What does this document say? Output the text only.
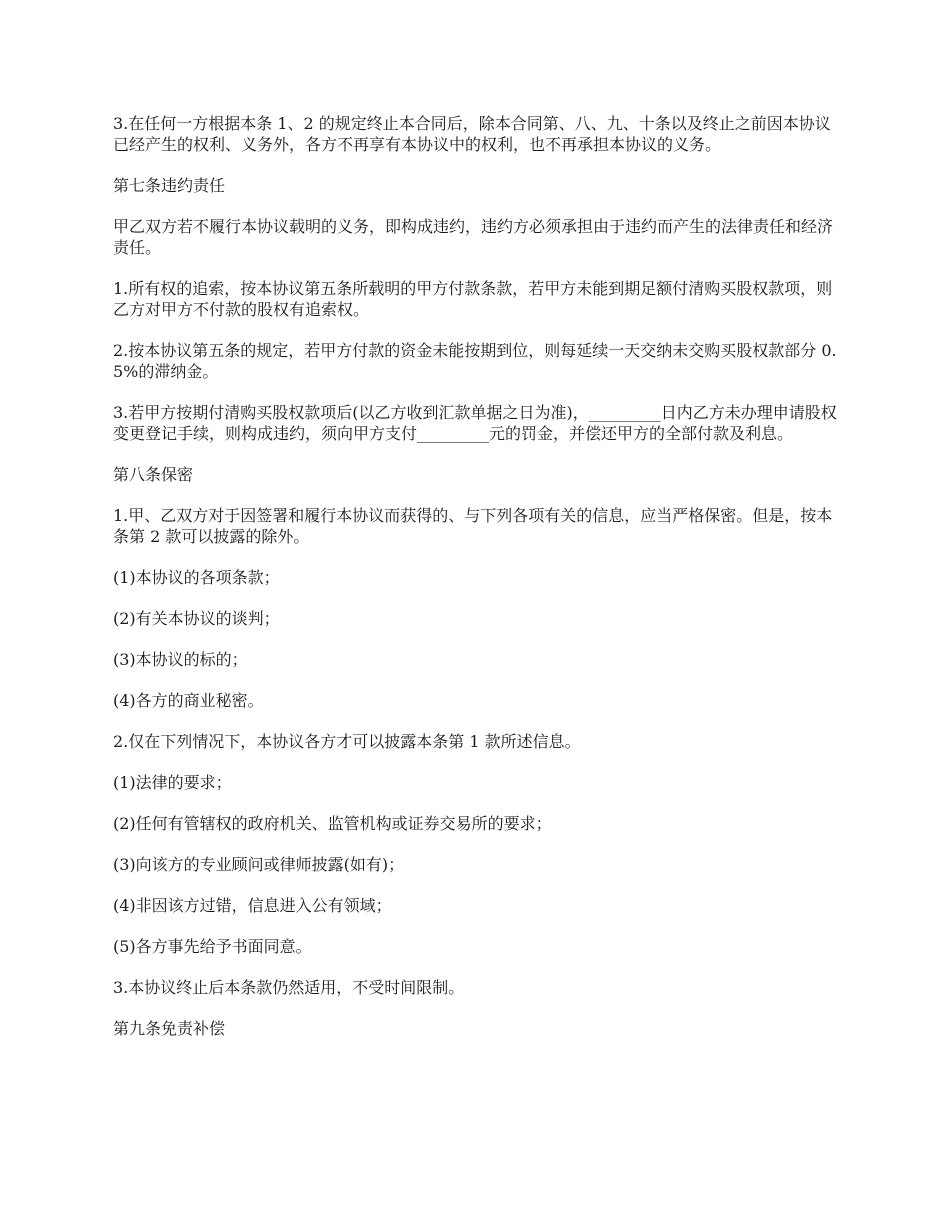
3.在任何一方根据本条 1、2 的规定终止本合同后，除本合同第、八、九、十条以及终止之前因本协议已经产生的权利、义务外，各方不再享有本协议中的权利，也不再承担本协议的义务。

第七条违约责任

甲乙双方若不履行本协议载明的义务，即构成违约，违约方必须承担由于违约而产生的法律责任和经济责任。

1.所有权的追索，按本协议第五条所载明的甲方付款条款，若甲方未能到期足额付清购买股权款项，则乙方对甲方不付款的股权有追索权。

2.按本协议第五条的规定，若甲方付款的资金未能按期到位，则每延续一天交纳未交购买股权款部分 0.5%的滞纳金。

3.若甲方按期付清购买股权款项后(以乙方收到汇款单据之日为准)，_________日内乙方未办理申请股权变更登记手续，则构成违约，须向甲方支付_________元的罚金，并偿还甲方的全部付款及利息。

第八条保密

1.甲、乙双方对于因签署和履行本协议而获得的、与下列各项有关的信息，应当严格保密。但是，按本条第 2 款可以披露的除外。

(1)本协议的各项条款；

(2)有关本协议的谈判；

(3)本协议的标的；

(4)各方的商业秘密。

2.仅在下列情况下，本协议各方才可以披露本条第 1 款所述信息。

(1)法律的要求；

(2)任何有管辖权的政府机关、监管机构或证券交易所的要求；

(3)向该方的专业顾问或律师披露(如有)；

(4)非因该方过错，信息进入公有领域；

(5)各方事先给予书面同意。

3.本协议终止后本条款仍然适用，不受时间限制。

第九条免责补偿
